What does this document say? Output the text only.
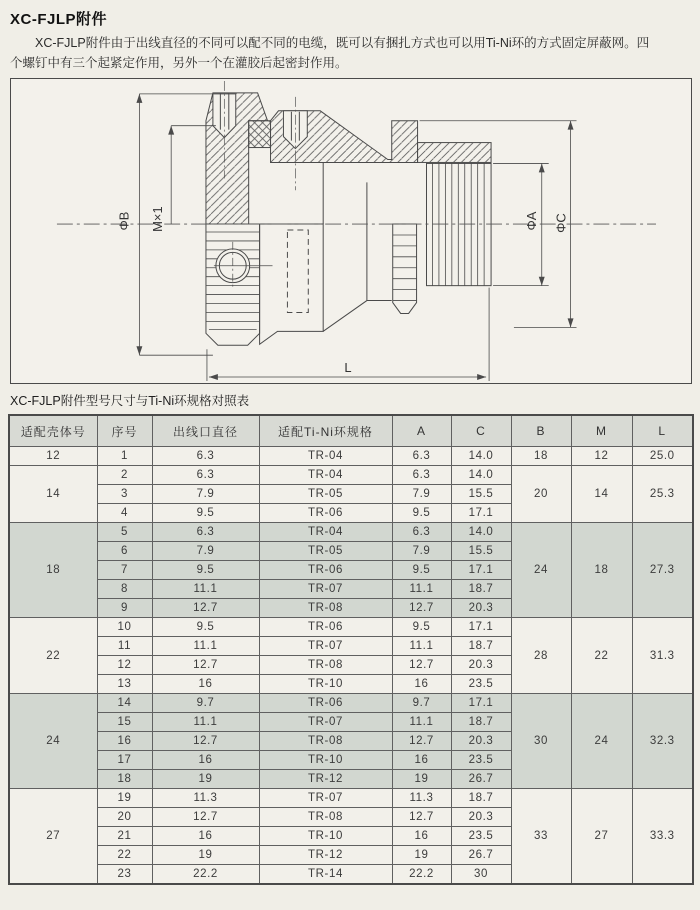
XC-FJLP附件
XC-FJLP附件由于出线直径的不同可以配不同的电缆，既可以有捆扎方式也可以用Ti-Ni环的方式固定屏蔽网。四
个螺钉中有三个起紧定作用，另外一个在灌胶后起密封作用。
ΦB M×1	ΦA ΦC
L
XC-FJLP附件型号尺寸与Ti-Ni环规格对照表
适配壳体号	序号	出线口直径	适配Ti-Ni环规格	A	C	B	M	L
12	1	6.3	TR-04	6.3	14.0	18	12	25.0
14	2	6.3	TR-04	6.3	14.0	20	14	25.3
	3	7.9	TR-05	7.9	15.5			
	4	9.5	TR-06	9.5	17.1			
18	5	6.3	TR-04	6.3	14.0	24	18	27.3
	6	7.9	TR-05	7.9	15.5			
	7	9.5	TR-06	9.5	17.1			
	8	11.1	TR-07	11.1	18.7			
	9	12.7	TR-08	12.7	20.3			
22	10	9.5	TR-06	9.5	17.1	28	22	31.3
	11	11.1	TR-07	11.1	18.7			
	12	12.7	TR-08	12.7	20.3			
	13	16	TR-10	16	23.5			
24	14	9.7	TR-06	9.7	17.1	30	24	32.3
	15	11.1	TR-07	11.1	18.7			
	16	12.7	TR-08	12.7	20.3			
	17	16	TR-10	16	23.5			
	18	19	TR-12	19	26.7			
27	19	11.3	TR-07	11.3	18.7	33	27	33.3
	20	12.7	TR-08	12.7	20.3			
	21	16	TR-10	16	23.5			
	22	19	TR-12	19	26.7			
	23	22.2	TR-14	22.2	30			
